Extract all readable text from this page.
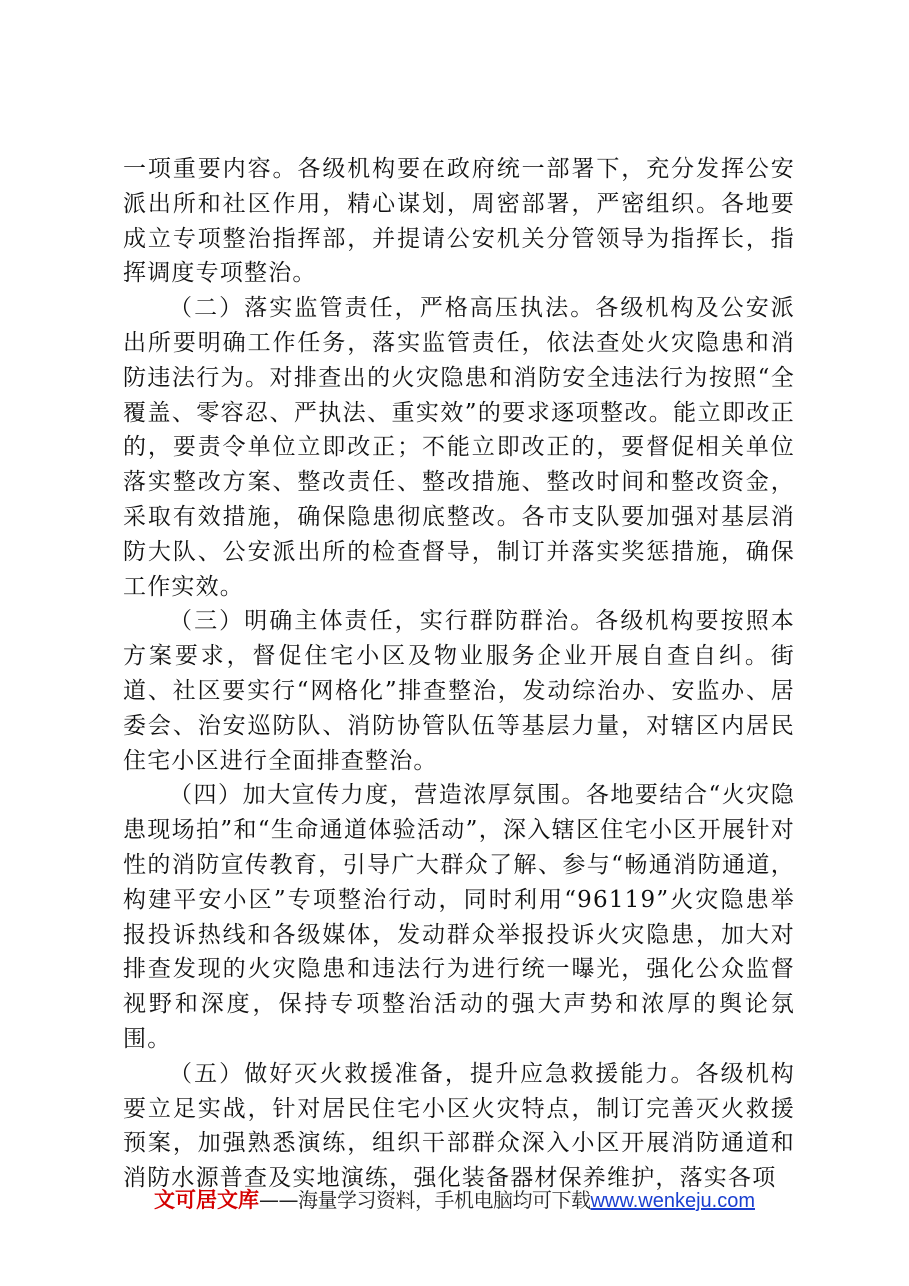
一项重要内容。各级机构要在政府统一部署下，充分发挥公安派出所和社区作用，精心谋划，周密部署，严密组织。各地要成立专项整治指挥部，并提请公安机关分管领导为指挥长，指挥调度专项整治。

（二）落实监管责任，严格高压执法。各级机构及公安派出所要明确工作任务，落实监管责任，依法查处火灾隐患和消防违法行为。对排查出的火灾隐患和消防安全违法行为按照“全覆盖、零容忍、严执法、重实效”的要求逐项整改。能立即改正的，要责令单位立即改正；不能立即改正的，要督促相关单位落实整改方案、整改责任、整改措施、整改时间和整改资金，采取有效措施，确保隐患彻底整改。各市支队要加强对基层消防大队、公安派出所的检查督导，制订并落实奖惩措施，确保工作实效。

（三）明确主体责任，实行群防群治。各级机构要按照本方案要求，督促住宅小区及物业服务企业开展自查自纠。街道、社区要实行“网格化”排查整治，发动综治办、安监办、居委会、治安巡防队、消防协管队伍等基层力量，对辖区内居民住宅小区进行全面排查整治。

（四）加大宣传力度，营造浓厚氛围。各地要结合“火灾隐患现场拍”和“生命通道体验活动”，深入辖区住宅小区开展针对性的消防宣传教育，引导广大群众了解、参与“畅通消防通道，构建平安小区”专项整治行动，同时利用“96119”火灾隐患举报投诉热线和各级媒体，发动群众举报投诉火灾隐患，加大对排查发现的火灾隐患和违法行为进行统一曝光，强化公众监督视野和深度，保持专项整治活动的强大声势和浓厚的舆论氛围。

（五）做好灭火救援准备，提升应急救援能力。各级机构要立足实战，针对居民住宅小区火灾特点，制订完善灭火救援预案，加强熟悉演练，组织干部群众深入小区开展消防通道和消防水源普查及实地演练，强化装备器材保养维护，落实各项

文可居文库——海量学习资料，手机电脑均可下载www.wenkeju.com
